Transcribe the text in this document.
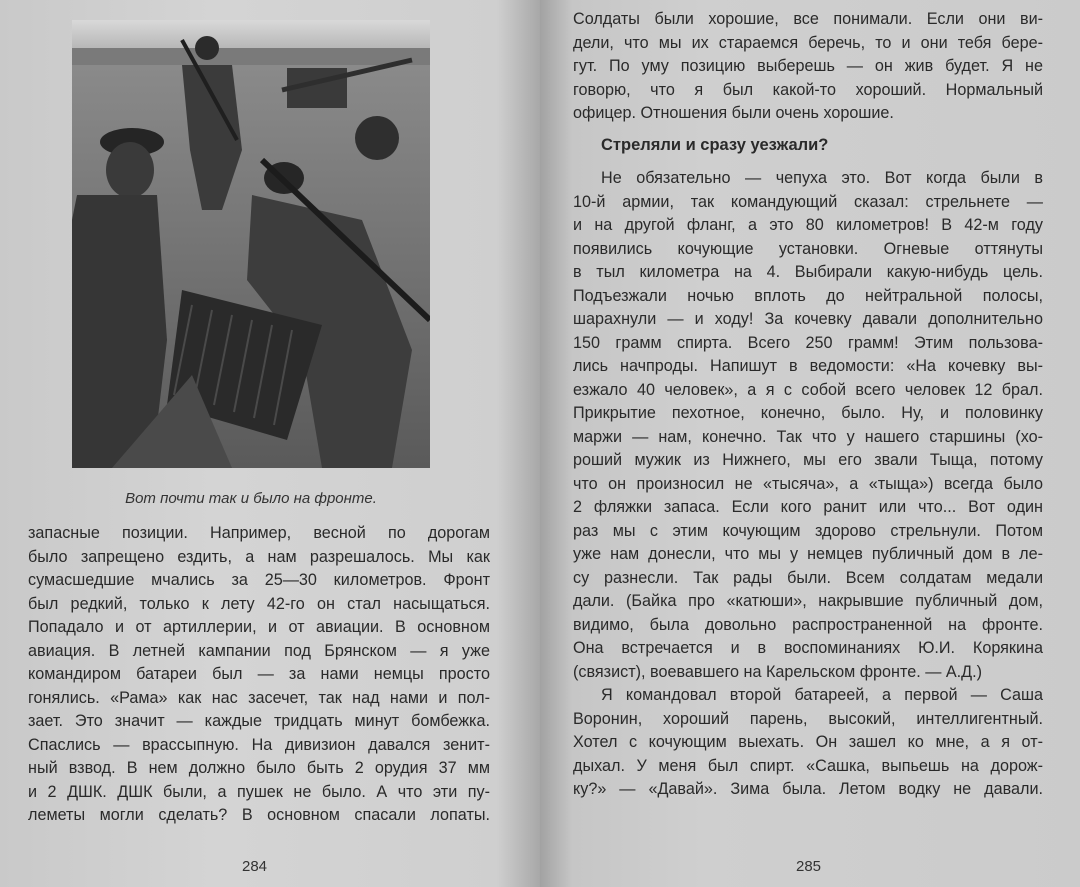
Вот почти так и было на фронте.
запасные позиции. Например, весной по дорогам
было запрещено ездить, а нам разрешалось. Мы как
сумасшедшие мчались за 25—30 километров. Фронт
был редкий, только к лету 42-го он стал насыщаться.
Попадало и от артиллерии, и от авиации. В основном
авиация. В летней кампании под Брянском — я уже
командиром батареи был — за нами немцы просто
гонялись. «Рама» как нас засечет, так над нами и пол-
зает. Это значит — каждые тридцать минут бомбежка.
Спаслись — врассыпную. На дивизион давался зенит-
ный взвод. В нем должно было быть 2 орудия 37 мм
и 2 ДШК. ДШК были, а пушек не было. А что эти пу-
леметы могли сделать? В основном спасали лопаты.
284	285
Солдаты были хорошие, все понимали. Если они ви-
дели, что мы их стараемся беречь, то и они тебя бере-
гут. По уму позицию выберешь — он жив будет. Я не
говорю, что я был какой-то хороший. Нормальный
офицер. Отношения были очень хорошие.
Стреляли и сразу уезжали?
Не обязательно — чепуха это. Вот когда были в
10-й армии, так командующий сказал: стрельнете —
и на другой фланг, а это 80 километров! В 42-м году
появились кочующие установки. Огневые оттянуты
в тыл километра на 4. Выбирали какую-нибудь цель.
Подъезжали ночью вплоть до нейтральной полосы,
шарахнули — и ходу! За кочевку давали дополнительно
150 грамм спирта. Всего 250 грамм! Этим пользова-
лись начпроды. Напишут в ведомости: «На кочевку вы-
езжало 40 человек», а я с собой всего человек 12 брал.
Прикрытие пехотное, конечно, было. Ну, и половинку
маржи — нам, конечно. Так что у нашего старшины (хо-
роший мужик из Нижнего, мы его звали Тыща, потому
что он произносил не «тысяча», а «тыща») всегда было
2 фляжки запаса. Если кого ранит или что... Вот один
раз мы с этим кочующим здорово стрельнули. Потом
уже нам донесли, что мы у немцев публичный дом в ле-
су разнесли. Так рады были. Всем солдатам медали
дали. (Байка про «катюши», накрывшие публичный дом,
видимо, была довольно распространенной на фронте.
Она встречается и в воспоминаниях Ю.И. Корякина
(связист), воевавшего на Карельском фронте. — А.Д.)
Я командовал второй батареей, а первой — Саша
Воронин, хороший парень, высокий, интеллигентный.
Хотел с кочующим выехать. Он зашел ко мне, а я от-
дыхал. У меня был спирт. «Сашка, выпьешь на дорож-
ку?» — «Давай». Зима была. Летом водку не давали.
